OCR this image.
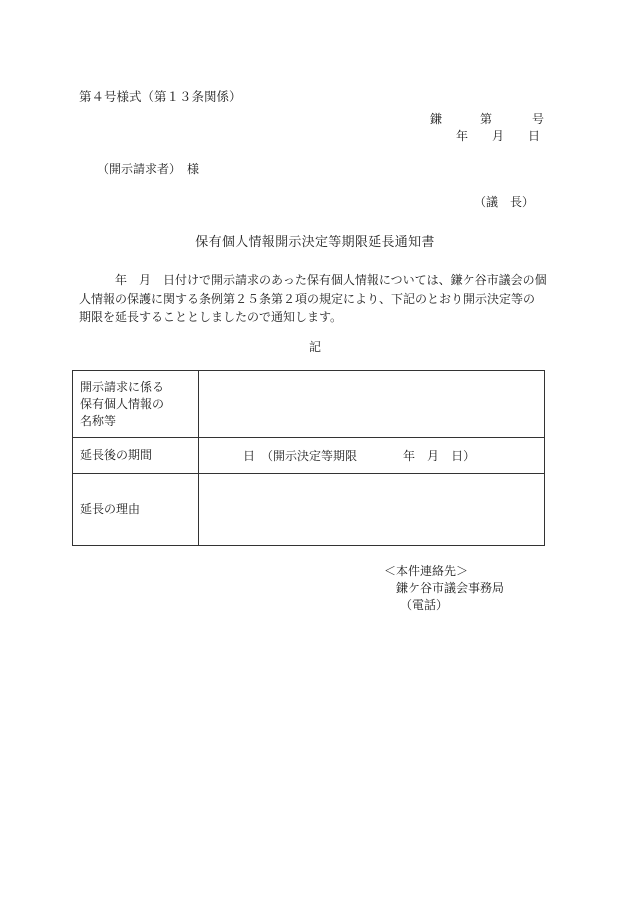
第４号様式（第１３条関係）
鎌	第	号
年 月 日
（開示請求者）　様
（議　長）
保有個人情報開示決定等期限延長通知書
　　　年　月　日付けで開示請求のあった保有個人情報については、鎌ケ谷市議会の個
人情報の保護に関する条例第２５条第２項の規定により、下記のとおり開示決定等の
期限を延長することとしましたので通知します。
記
開示請求に係る
保有個人情報の
名称等	

延長後の期間	日 （開示決定等期限 年 月 日）

延長の理由	
＜本件連絡先＞
鎌ケ谷市議会事務局
（電話）
